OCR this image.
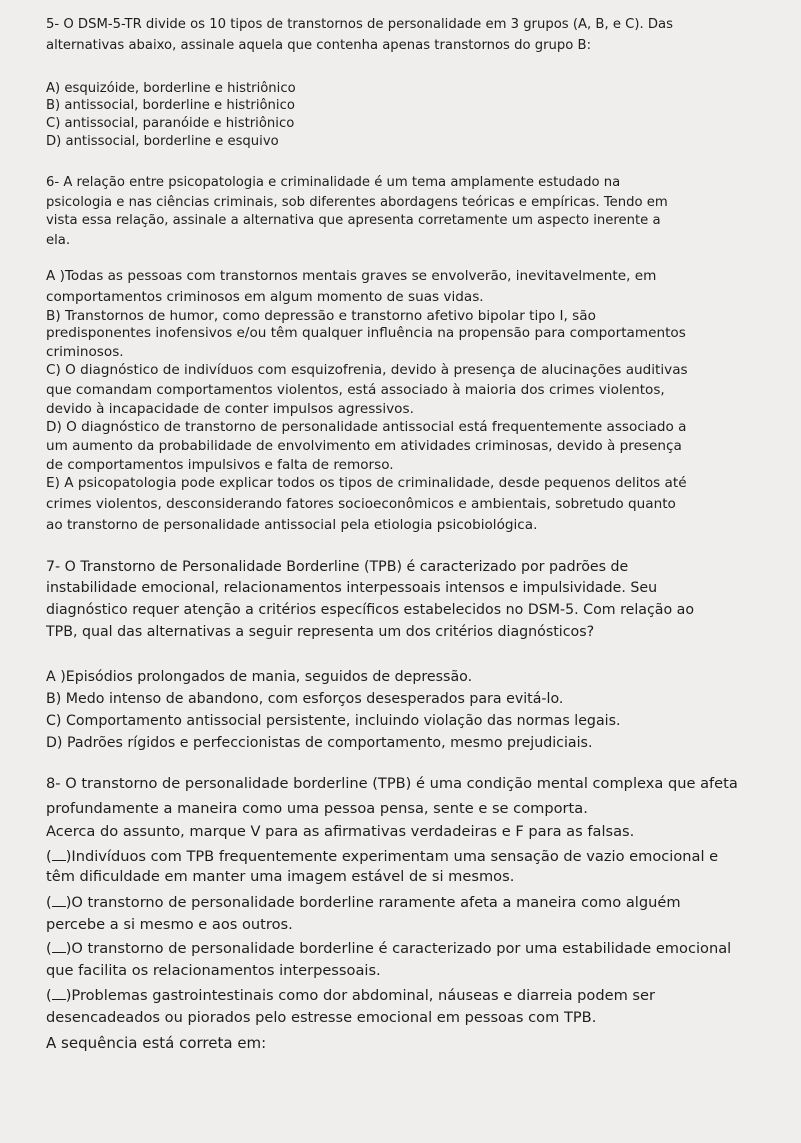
5- O DSM-5-TR divide os 10 tipos de transtornos de personalidade em 3 grupos (A, B, e C). Das

alternativas abaixo, assinale aquela que contenha apenas transtornos do grupo B:

A) esquizóide, borderline e histriônico

B) antissocial, borderline e histriônico

C) antissocial, paranóide e histriônico

D) antissocial, borderline e esquivo

6- A relação entre psicopatologia e criminalidade é um tema amplamente estudado na

psicologia e nas ciências criminais, sob diferentes abordagens teóricas e empíricas. Tendo em

vista essa relação, assinale a alternativa que apresenta corretamente um aspecto inerente a

ela.

A )Todas as pessoas com transtornos mentais graves se envolverão, inevitavelmente, em

comportamentos criminosos em algum momento de suas vidas.

B) Transtornos de humor, como depressão e transtorno afetivo bipolar tipo I, são

predisponentes inofensivos e/ou têm qualquer influência na propensão para comportamentos

criminosos.

C) O diagnóstico de indivíduos com esquizofrenia, devido à presença de alucinações auditivas

que comandam comportamentos violentos, está associado à maioria dos crimes violentos,

devido à incapacidade de conter impulsos agressivos.

D) O diagnóstico de transtorno de personalidade antissocial está frequentemente associado a

um aumento da probabilidade de envolvimento em atividades criminosas, devido à presença

de comportamentos impulsivos e falta de remorso.

E) A psicopatologia pode explicar todos os tipos de criminalidade, desde pequenos delitos até

crimes violentos, desconsiderando fatores socioeconômicos e ambientais, sobretudo quanto

ao transtorno de personalidade antissocial pela etiologia psicobiológica.

7- O Transtorno de Personalidade Borderline (TPB) é caracterizado por padrões de

instabilidade emocional, relacionamentos interpessoais intensos e impulsividade. Seu

diagnóstico requer atenção a critérios específicos estabelecidos no DSM-5. Com relação ao

TPB, qual das alternativas a seguir representa um dos critérios diagnósticos?

A )Episódios prolongados de mania, seguidos de depressão.

B) Medo intenso de abandono, com esforços desesperados para evitá-lo.

C) Comportamento antissocial persistente, incluindo violação das normas legais.

D) Padrões rígidos e perfeccionistas de comportamento, mesmo prejudiciais.

8- O transtorno de personalidade borderline (TPB) é uma condição mental complexa que afeta

profundamente a maneira como uma pessoa pensa, sente e se comporta.

Acerca do assunto, marque V para as afirmativas verdadeiras e F para as falsas.

( )Indivíduos com TPB frequentemente experimentam uma sensação de vazio emocional e

têm dificuldade em manter uma imagem estável de si mesmos.

( )O transtorno de personalidade borderline raramente afeta a maneira como alguém

percebe a si mesmo e aos outros.

( )O transtorno de personalidade borderline é caracterizado por uma estabilidade emocional

que facilita os relacionamentos interpessoais.

( )Problemas gastrointestinais como dor abdominal, náuseas e diarreia podem ser

desencadeados ou piorados pelo estresse emocional em pessoas com TPB.

A sequência está correta em:
